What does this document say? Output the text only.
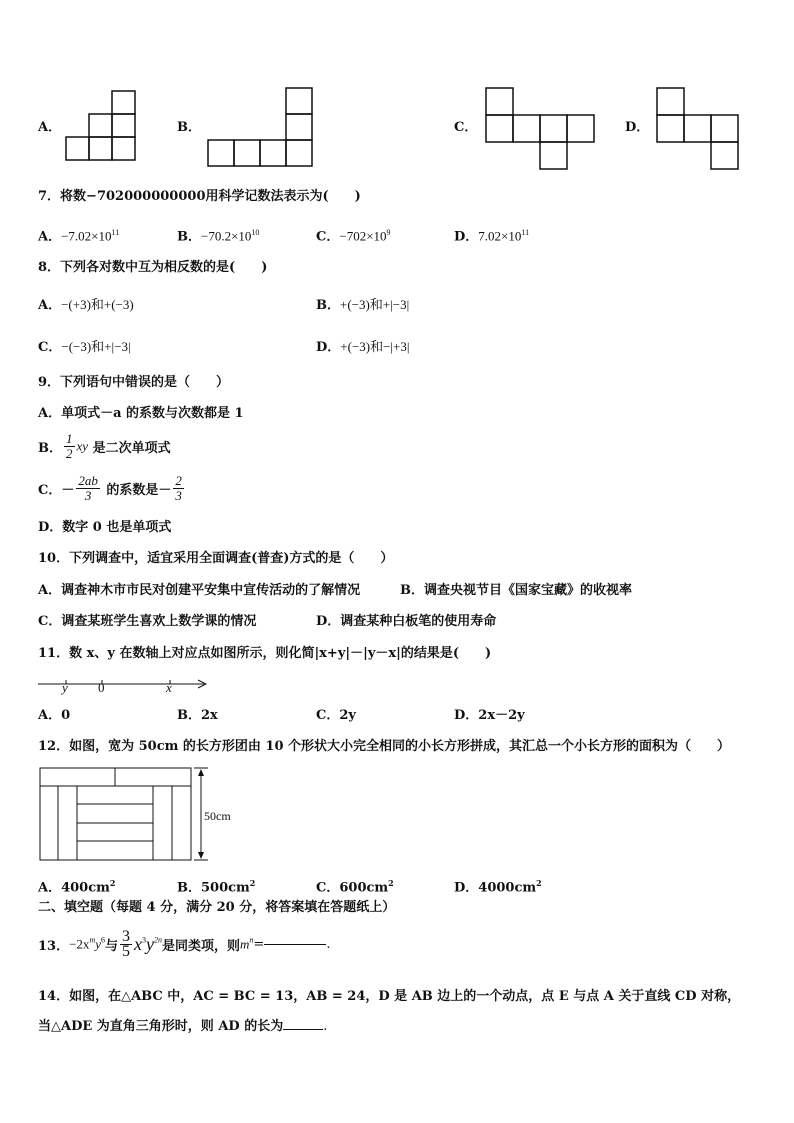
A．	B．	C．	D．
7．将数−702000000000用科学记数法表示为(　　)
A．$-7.02\times 10^{11}$	B．$-70.2\times 10^{10}$	C．$-702\times 10^9$	D．$7.02\times 10^{11}$
8．下列各对数中互为相反数的是(　　)
A．−(+3)和+(−3)	B．+(−3)和+|−3|
C．−(−3)和+|−3|	D．+(−3)和−|+3|
9．下列语句中错误的是（　　）
A．单项式－a 的系数与次数都是 1
B． $\frac{1}{2}$ xy 是二次单项式
C．－ $\frac{2ab}{3}$ 的系数是－ $\frac{2}{3}$
D．数字 0 也是单项式
10．下列调查中，适宜采用全面调查(普查)方式的是（　　）
A．调查神木市市民对创建平安集中宣传活动的了解情况	B．调查央视节目《国家宝藏》的收视率
C．调查某班学生喜欢上数学课的情况	D．调查某种白板笔的使用寿命
11．数 x、y 在数轴上对应点如图所示，则化简|x+y|－|y－x|的结果是(　　)
y 0	x
A．0	B．2x	C．2y	D．2x－2y
12．如图，宽为 50cm 的长方形团由 10 个形状大小完全相同的小长方形拼成，其汇总一个小长方形的面积为（　　）
50cm
A．$400cm^2$	B．$500cm^2$	C．$600cm^2$	D．$4000cm^2$
二、填空题（每题 4 分，满分 20 分，将答案填在答题纸上）
13．$-2x^my^6$与 $\frac{3}{5} x^3y^{2n}$是同类项，则$m^n=$	.
14．如图，在△ABC 中，AC = BC = 13，AB = 24，D 是 AB 边上的一个动点，点 E 与点 A 关于直线 CD 对称，
当△ADE 为直角三角形时，则 AD 的长为	.
